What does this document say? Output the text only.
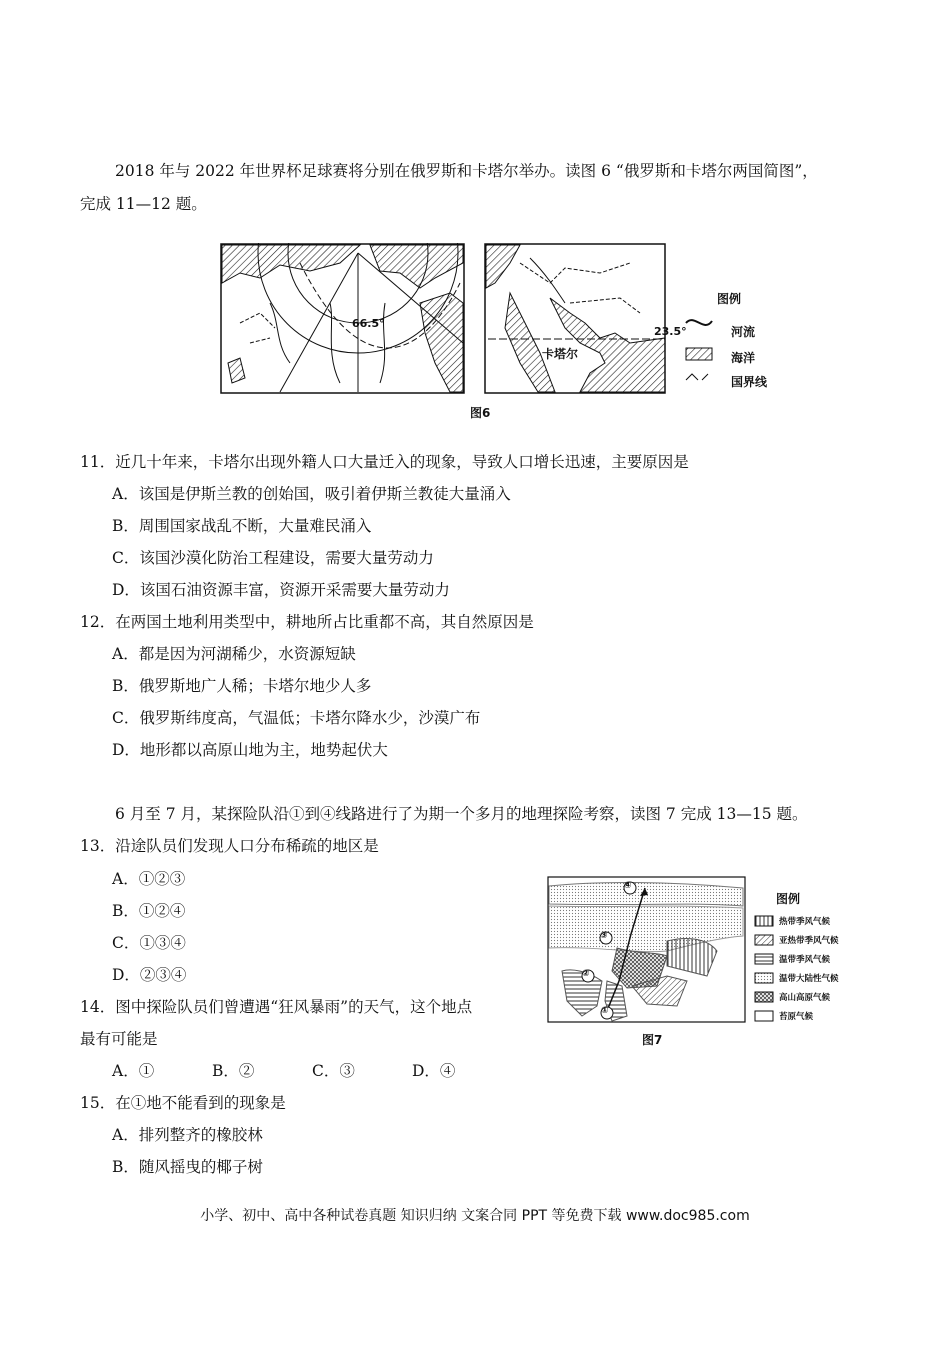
2018 年与 2022 年世界杯足球赛将分别在俄罗斯和卡塔尔举办。读图 6 “俄罗斯和卡塔尔两国简图”，
完成 11—12 题。
66.5°
23.5°
卡塔尔
图例
河流
海洋
国界线
图6
11．近几十年来，卡塔尔出现外籍人口大量迁入的现象，导致人口增长迅速，主要原因是
A．该国是伊斯兰教的创始国，吸引着伊斯兰教徒大量涌入
B．周围国家战乱不断，大量难民涌入
C．该国沙漠化防治工程建设，需要大量劳动力
D．该国石油资源丰富，资源开采需要大量劳动力
12．在两国土地利用类型中，耕地所占比重都不高，其自然原因是
A．都是因为河湖稀少，水资源短缺
B．俄罗斯地广人稀；卡塔尔地少人多
C．俄罗斯纬度高，气温低；卡塔尔降水少，沙漠广布
D．地形都以高原山地为主，地势起伏大
6 月至 7 月，某探险队沿①到④线路进行了为期一个多月的地理探险考察，读图 7 完成 13—15 题。
13．沿途队员们发现人口分布稀疏的地区是
A．①②③
B．①②④
C．①③④
D．②③④
14．图中探险队员们曾遭遇“狂风暴雨”的天气，这个地点
最有可能是
A．①	B．②	C．③	D．④
15．在①地不能看到的现象是
A．排列整齐的橡胶林
B．随风摇曳的椰子树
①
②
③
④
图例
热带季风气候
亚热带季风气候
温带季风气候
温带大陆性气候
高山高原气候
苔原气候
图7
小学、初中、高中各种试卷真题 知识归纳 文案合同 PPT 等免费下载 www.doc985.com
